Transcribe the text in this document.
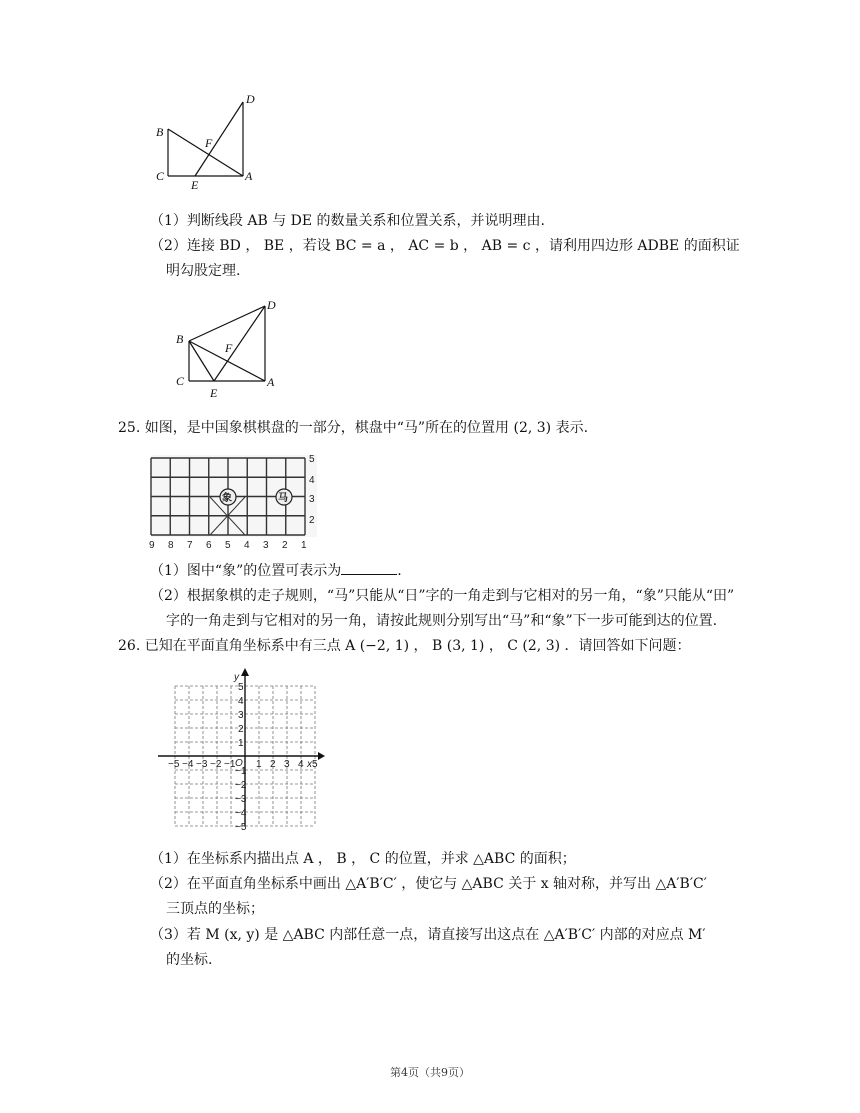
B
F
C
E
A
D
（1）判断线段 AB 与 DE 的数量关系和位置关系，并说明理由.
（2）连接 BD ， BE ，若设 BC = a ， AC = b ， AB = c ，请利用四边形 ADBE 的面积证
明勾股定理.
B
F
C
E
A
D
25. 如图，是中国象棋棋盘的一部分，棋盘中“马”所在的位置用 (2, 3) 表示.
象	马
5
4
3
2
9 8 7 6 5 4 3 2 1
（1）图中“象”的位置可表示为	.
（2）根据象棋的走子规则，“马”只能从“日”字的一角走到与它相对的另一角，“象”只能从“田”
字的一角走到与它相对的另一角，请按此规则分别写出“马”和“象”下一步可能到达的位置.
26. 已知在平面直角坐标系中有三点 A (−2, 1) ， B (3, 1) ， C (2, 3) ．请回答如下问题：
x
y
O
−5 −4 −3 −2 −1 1 2 3 4 5
5
4
3
2
1
−1
−2
−3
−4
−5
（1）在坐标系内描出点 A ， B ， C 的位置，并求 △ABC 的面积；
（2）在平面直角坐标系中画出 △A′B′C′ ，使它与 △ABC 关于 x 轴对称，并写出 △A′B′C′
三顶点的坐标；
（3）若 M (x, y) 是 △ABC 内部任意一点，请直接写出这点在 △A′B′C′ 内部的对应点 M′
的坐标.
第4页（共9页）
